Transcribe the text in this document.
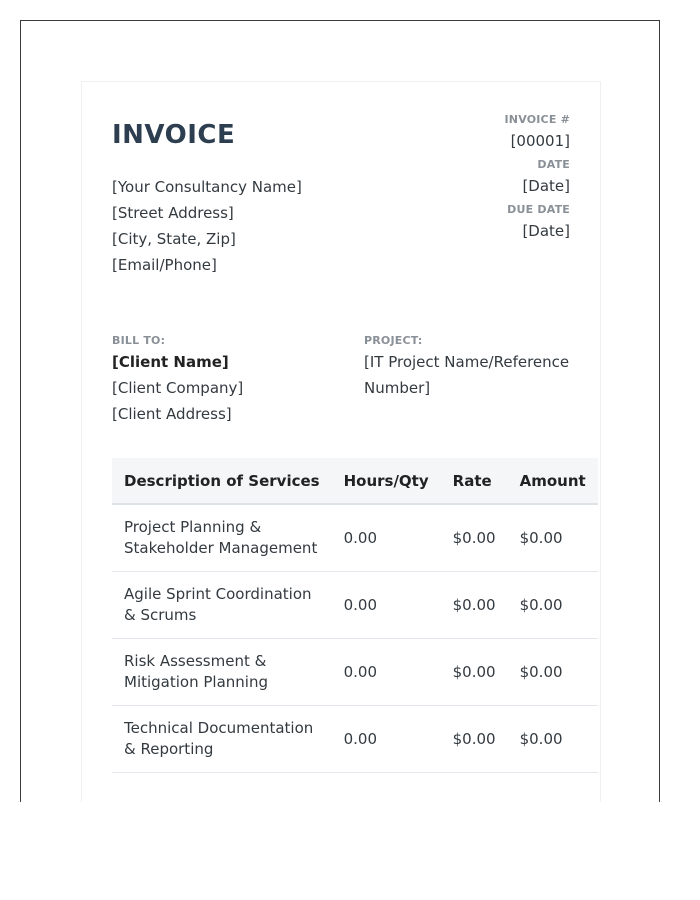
INVOICE
[Your Consultancy Name]
[Street Address]
[City, State, Zip]
[Email/Phone]
INVOICE #
[00001]
DATE
[Date]
DUE DATE
[Date]
BILL TO:
[Client Name]
[Client Company]
[Client Address]
PROJECT:
[IT Project Name/Reference Number]
Description of Services	Hours/Qty	Rate	Amount
Project Planning & Stakeholder Management	0.00	$0.00	$0.00
Agile Sprint Coordination & Scrums	0.00	$0.00	$0.00
Risk Assessment & Mitigation Planning	0.00	$0.00	$0.00
Technical Documentation & Reporting	0.00	$0.00	$0.00
